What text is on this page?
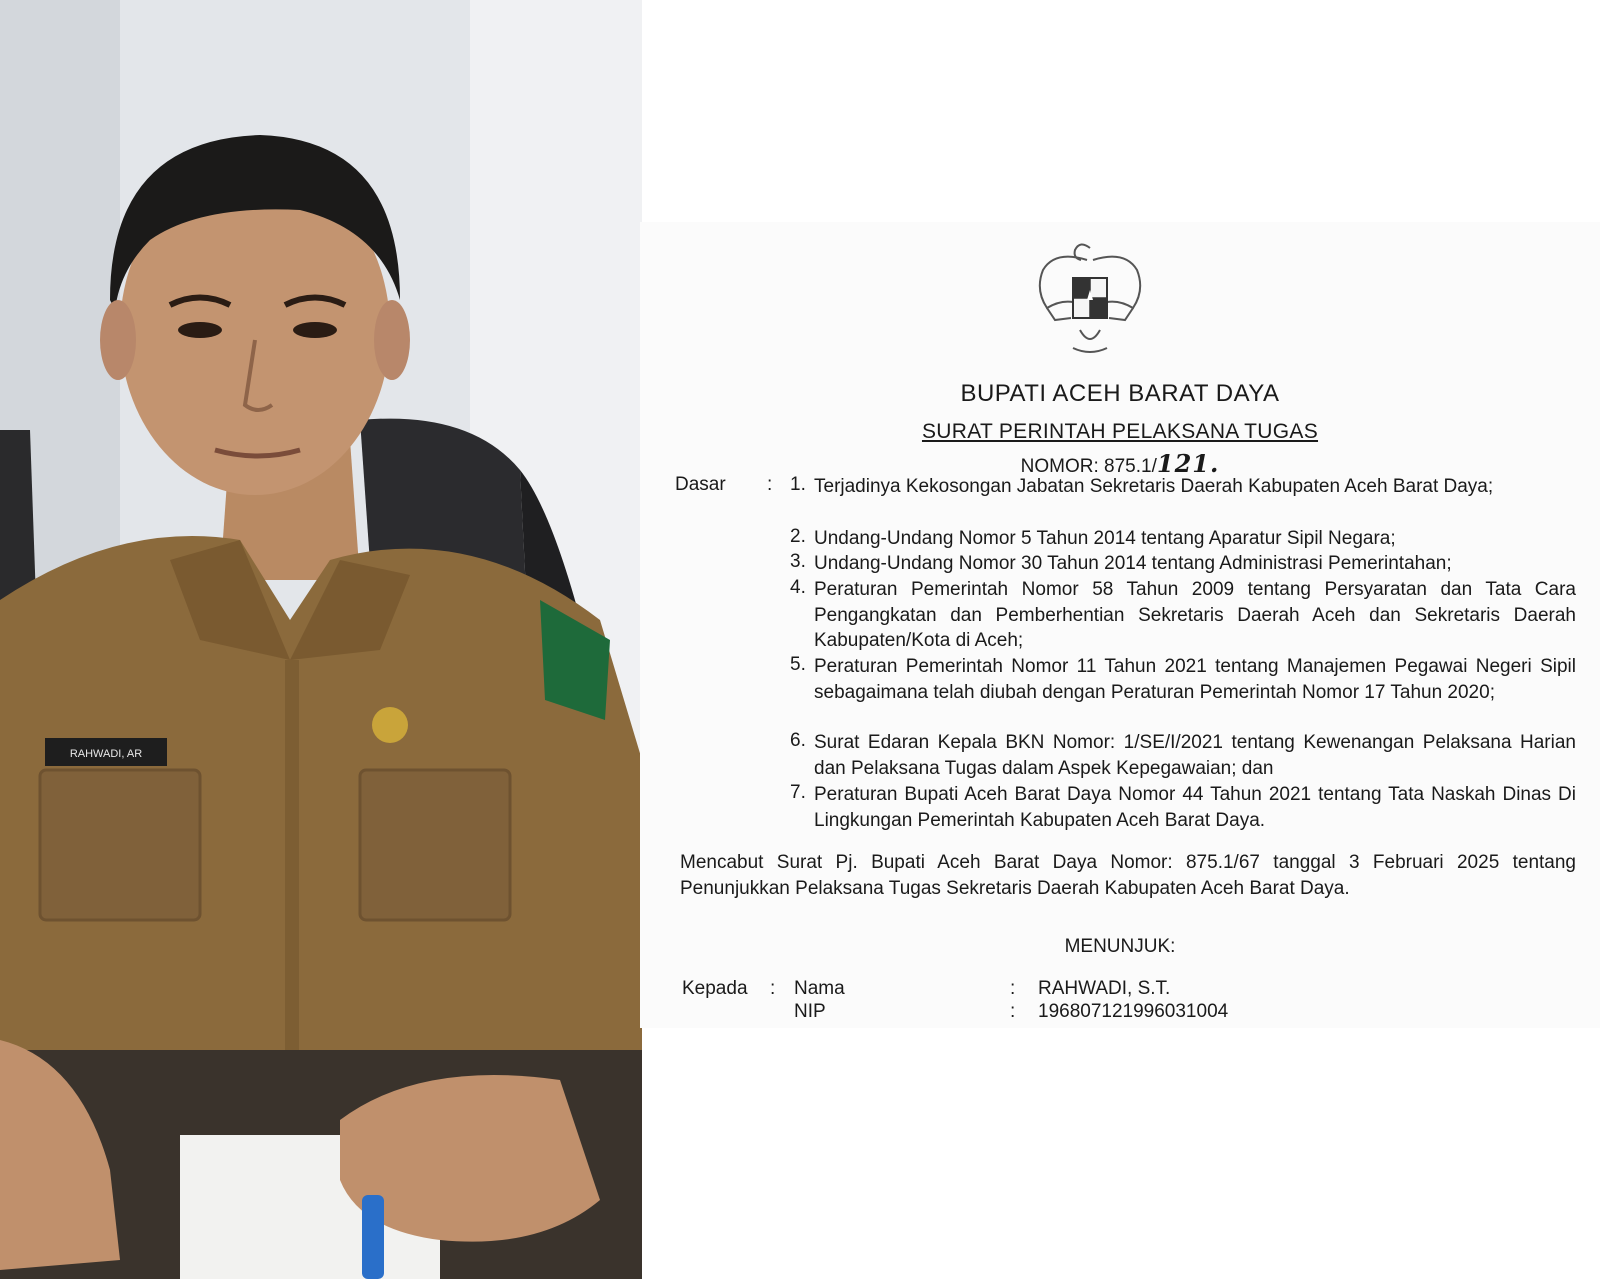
RAHWADI, AR
BUPATI ACEH BARAT DAYA
SURAT PERINTAH PELAKSANA TUGAS
NOMOR: 875.1/121.
Dasar : 1. Terjadinya Kekosongan Jabatan Sekretaris Daerah Kabupaten Aceh Barat Daya;
2. Undang-Undang Nomor 5 Tahun 2014 tentang Aparatur Sipil Negara;
3. Undang-Undang Nomor 30 Tahun 2014 tentang Administrasi Pemerintahan;
4. Peraturan Pemerintah Nomor 58 Tahun 2009 tentang Persyaratan dan Tata Cara Pengangkatan dan Pemberhentian Sekretaris Daerah Aceh dan Sekretaris Daerah Kabupaten/Kota di Aceh;
5. Peraturan Pemerintah Nomor 11 Tahun 2021 tentang Manajemen Pegawai Negeri Sipil sebagaimana telah diubah dengan Peraturan Pemerintah Nomor 17 Tahun 2020;
6. Surat Edaran Kepala BKN Nomor: 1/SE/I/2021 tentang Kewenangan Pelaksana Harian dan Pelaksana Tugas dalam Aspek Kepegawaian; dan
7. Peraturan Bupati Aceh Barat Daya Nomor 44 Tahun 2021 tentang Tata Naskah Dinas Di Lingkungan Pemerintah Kabupaten Aceh Barat Daya.
Mencabut Surat Pj. Bupati Aceh Barat Daya Nomor: 875.1/67 tanggal 3 Februari 2025 tentang Penunjukkan Pelaksana Tugas Sekretaris Daerah Kabupaten Aceh Barat Daya.
MENUNJUK:
Kepada : Nama	: RAHWADI, S.T.
NIP	: 196807121996031004
